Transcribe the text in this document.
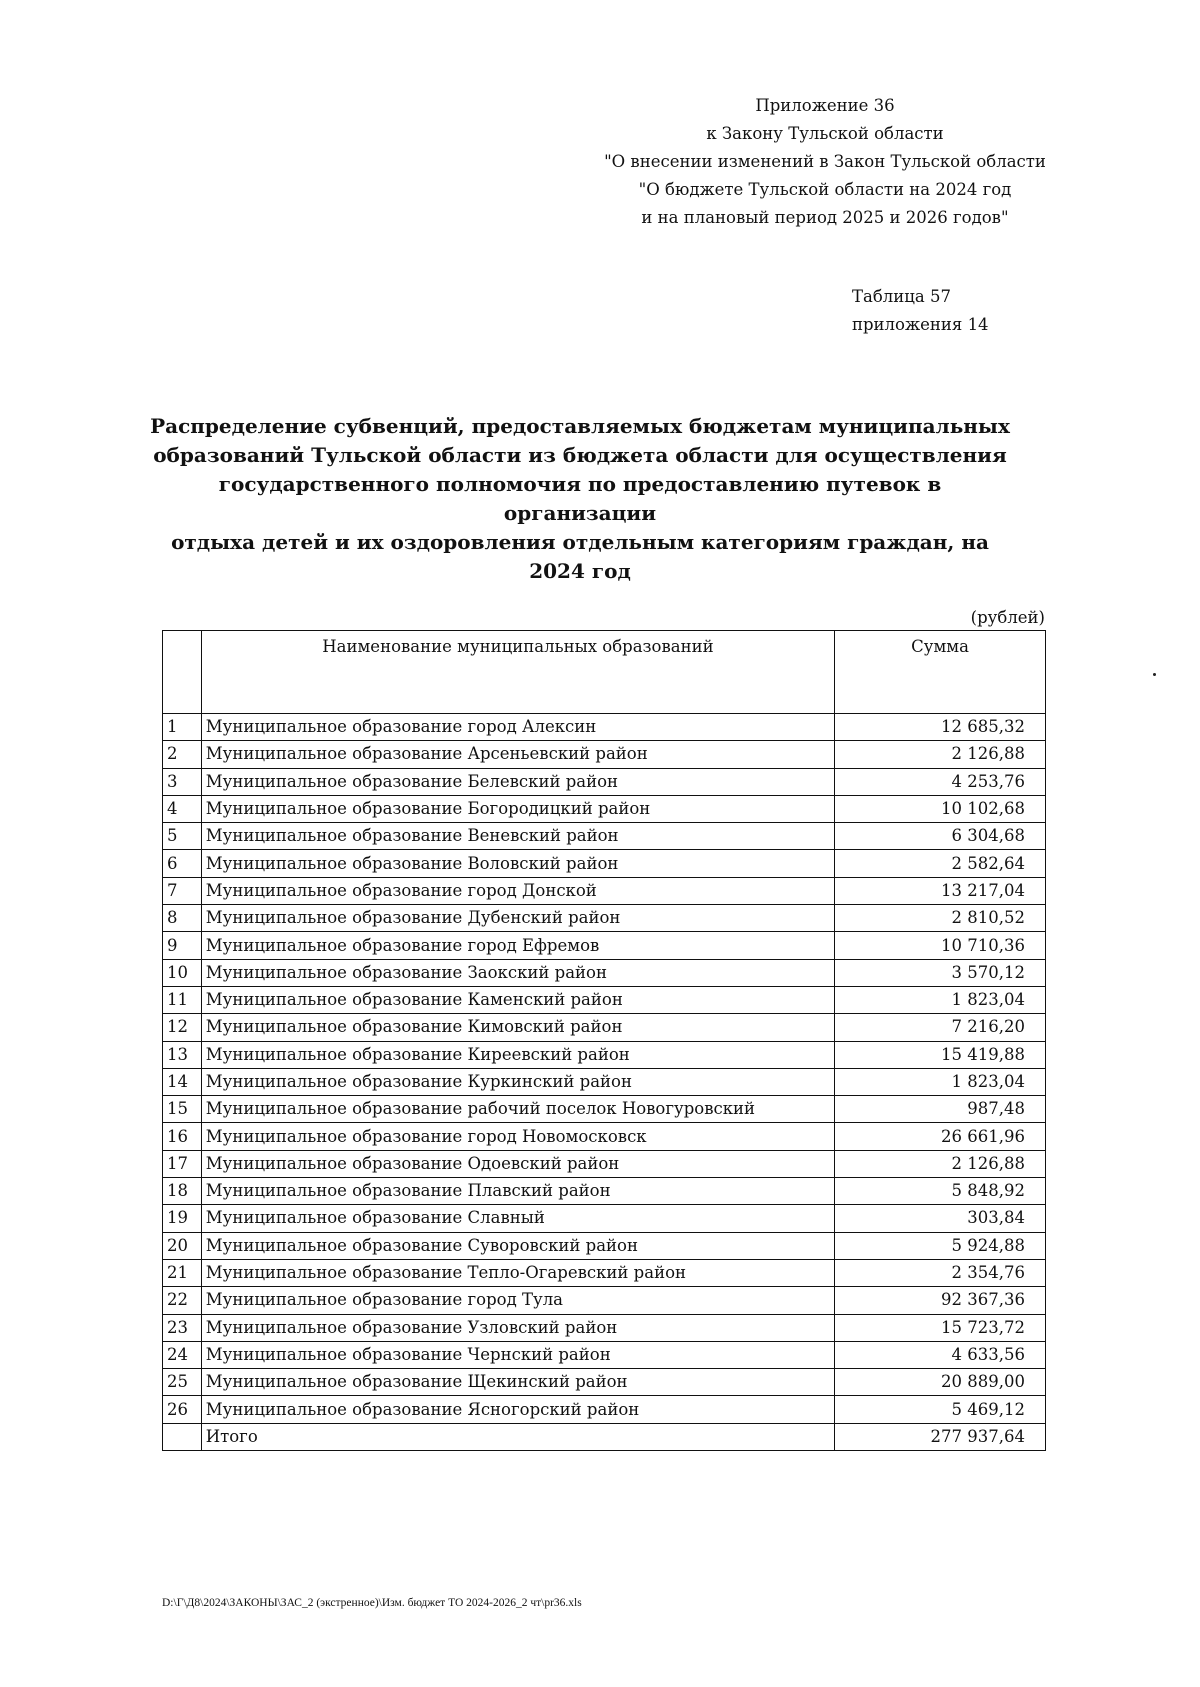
Приложение 36
к Закону Тульской области
"О внесении изменений в Закон Тульской области
"О бюджете Тульской области на 2024 год
и на плановый период 2025 и 2026 годов"
Таблица 57
приложения 14
Распределение субвенций, предоставляемых бюджетам муниципальных
образований Тульской области из бюджета области для осуществления
государственного полномочия по предоставлению путевок в организации
отдыха детей и их оздоровления отдельным категориям граждан, на 2024 год
(рублей)
	Наименование муниципальных образований	Сумма
1	Муниципальное образование город Алексин	12 685,32
2	Муниципальное образование Арсеньевский район	2 126,88
3	Муниципальное образование Белевский район	4 253,76
4	Муниципальное образование Богородицкий район	10 102,68
5	Муниципальное образование Веневский район	6 304,68
6	Муниципальное образование Воловский район	2 582,64
7	Муниципальное образование город Донской	13 217,04
8	Муниципальное образование Дубенский район	2 810,52
9	Муниципальное образование город Ефремов	10 710,36
10	Муниципальное образование Заокский район	3 570,12
11	Муниципальное образование Каменский район	1 823,04
12	Муниципальное образование Кимовский район	7 216,20
13	Муниципальное образование Киреевский район	15 419,88
14	Муниципальное образование Куркинский район	1 823,04
15	Муниципальное образование рабочий поселок Новогуровский	987,48
16	Муниципальное образование город Новомосковск	26 661,96
17	Муниципальное образование Одоевский район	2 126,88
18	Муниципальное образование Плавский район	5 848,92
19	Муниципальное образование Славный	303,84
20	Муниципальное образование Суворовский район	5 924,88
21	Муниципальное образование Тепло-Огаревский район	2 354,76
22	Муниципальное образование город Тула	92 367,36
23	Муниципальное образование Узловский район	15 723,72
24	Муниципальное образование Чернский район	4 633,56
25	Муниципальное образование Щекинский район	20 889,00
26	Муниципальное образование Ясногорский район	5 469,12
	Итого	277 937,64
D:\Г\Д8\2024\ЗАКОНЫ\ЗАС_2 (экстренное)\Изм. бюджет ТО 2024-2026_2 чт\pr36.xls
